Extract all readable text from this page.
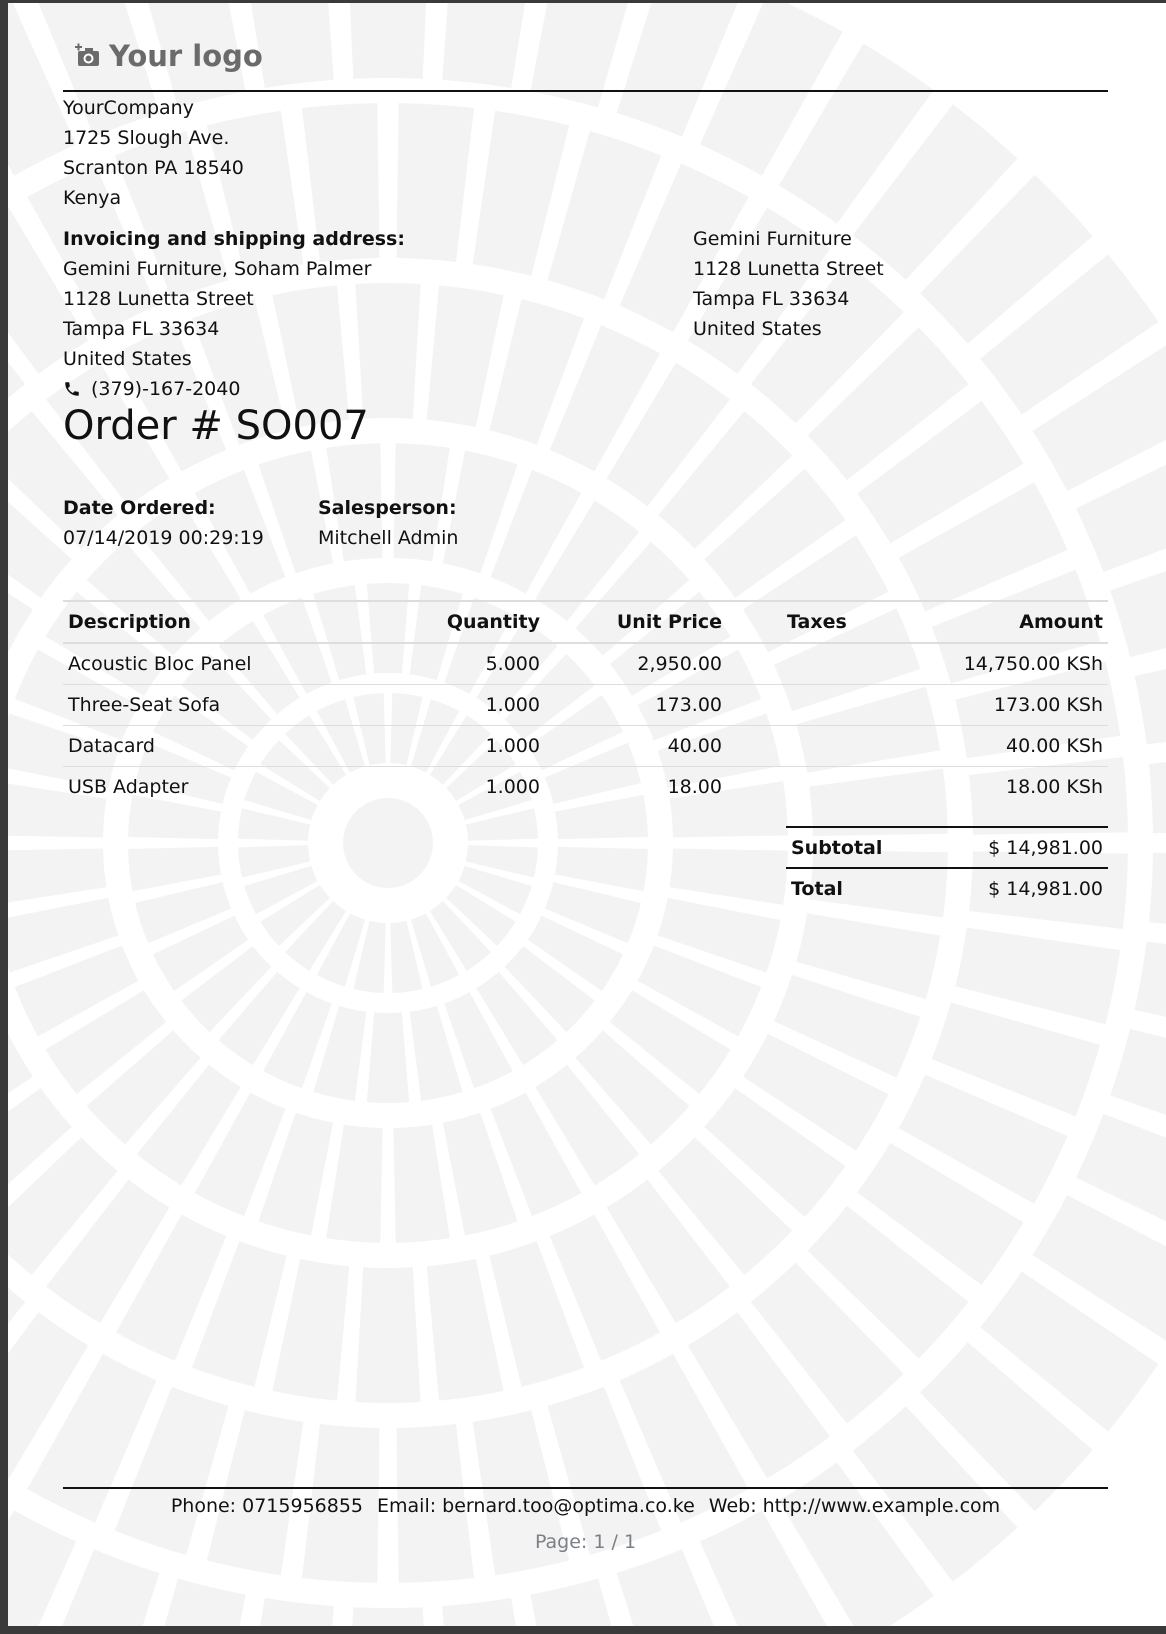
Your logo
YourCompany
1725 Slough Ave.
Scranton PA 18540
Kenya
Invoicing and shipping address:
Gemini Furniture, Soham Palmer
1128 Lunetta Street
Tampa FL 33634
United States
(379)-167-2040
Gemini Furniture
1128 Lunetta Street
Tampa FL 33634
United States
Order # SO007
Date Ordered:
07/14/2019 00:29:19
Salesperson:
Mitchell Admin
Description	Quantity	Unit Price	Taxes	Amount
Acoustic Bloc Panel	5.000	2,950.00		14,750.00 KSh
Three-Seat Sofa	1.000	173.00		173.00 KSh
Datacard	1.000	40.00		40.00 KSh
USB Adapter	1.000	18.00		18.00 KSh
Subtotal	$ 14,981.00
Total	$ 14,981.00
Phone: 0715956855 Email: bernard.too@optima.co.ke Web: http://www.example.com
Page: 1 / 1
